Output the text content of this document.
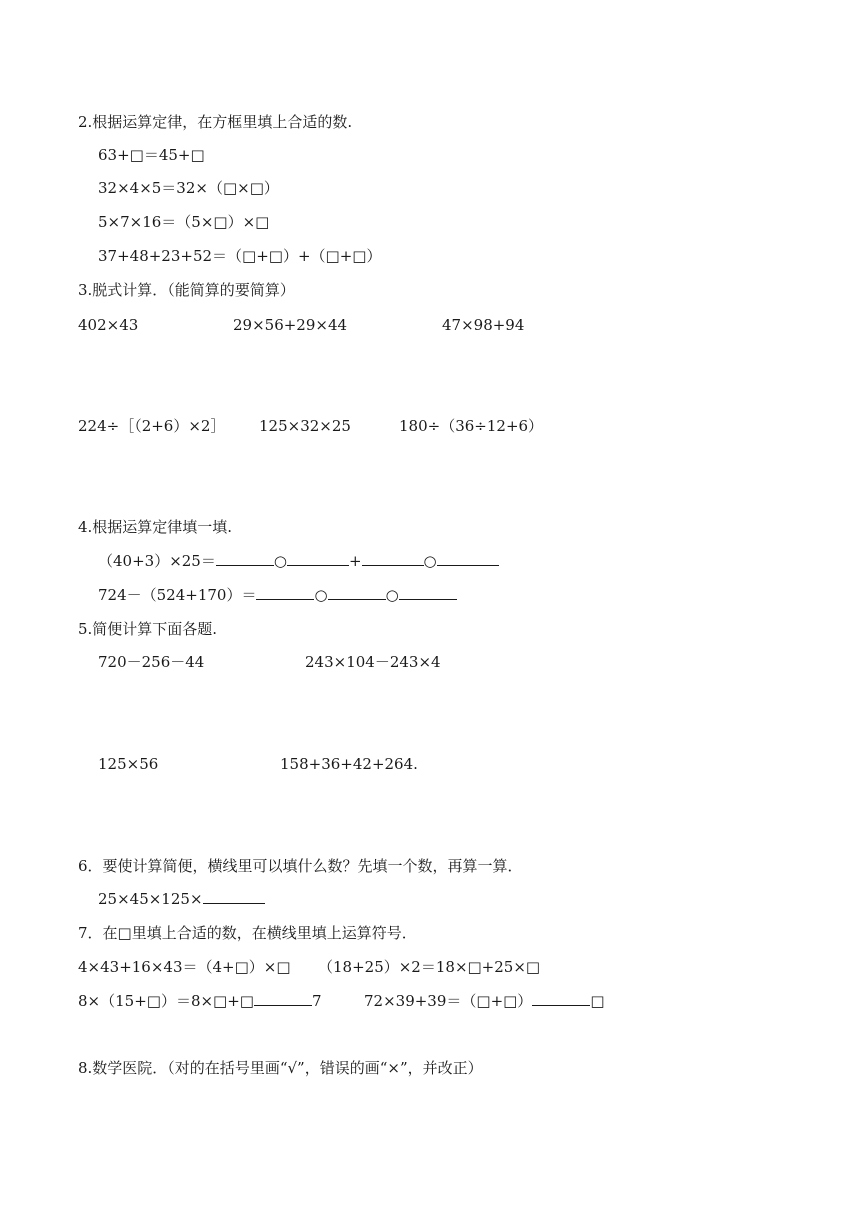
2.根据运算定律，在方框里填上合适的数.
63+□＝45+□
32×4×5＝32×（□×□）
5×7×16＝（5×□）×□
37+48+23+52＝（□+□）+（□+□）
3.脱式计算．（能简算的要简算）
402×43	29×56+29×44	47×98+94
224÷［（2+6）×2］ 125×32×25	180÷（36÷12+6）
4.根据运算定律填一填.
（40+3）×25＝	○	+	○
724－（524+170）＝	○	○
5.简便计算下面各题.
720－256－44	243×104－243×4
125×56	158+36+42+264.
6．要使计算简便，横线里可以填什么数？先填一个数，再算一算．
25×45×125×
7．在□里填上合适的数，在横线里填上运算符号．
4×43+16×43＝（4+□）×□ （18+25）×2＝18×□+25×□
8×（15+□）＝8×□+□	7	72×39+39＝（□+□）	□
8.数学医院．（对的在括号里画“√”，错误的画“×”，并改正）
